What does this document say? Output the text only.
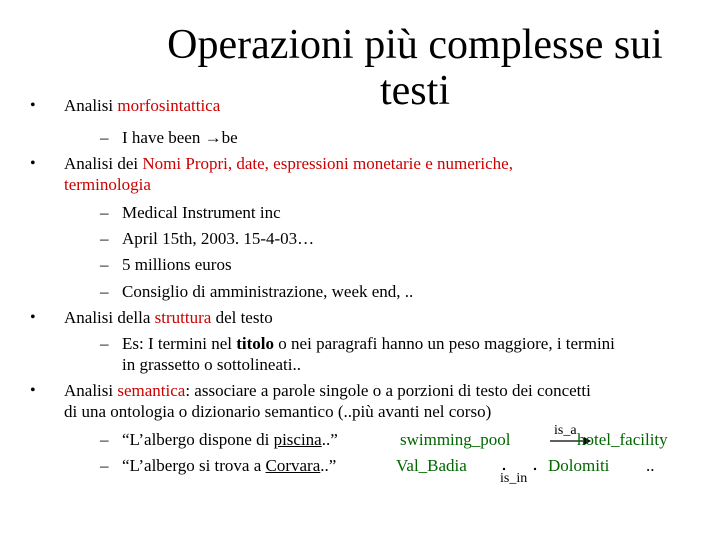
Operazioni più complesse sui
testi
• Analisi morfosintattica
– I have been →be
• Analisi dei Nomi Propri, date, espressioni monetarie e numeriche,
terminologia
– Medical Instrument inc
– April 15th, 2003. 15-4-03…
– 5 millions euros
– Consiglio di amministrazione, week end, ..
• Analisi della struttura del testo
– Es: I termini nel titolo o nei paragrafi hanno un peso maggiore, i termini
in grassetto o sottolineati..
• Analisi semantica: associare a parole singole o a porzioni di testo dei concetti
di una ontologia o dizionario semantico (..più avanti nel corso)
– “L’albergo dispone di piscina..”	swimming_pool	is_a hotel_facility
– “L’albergo si trova a Corvara..”	Val_Badia
is_in
Dolomiti ..
